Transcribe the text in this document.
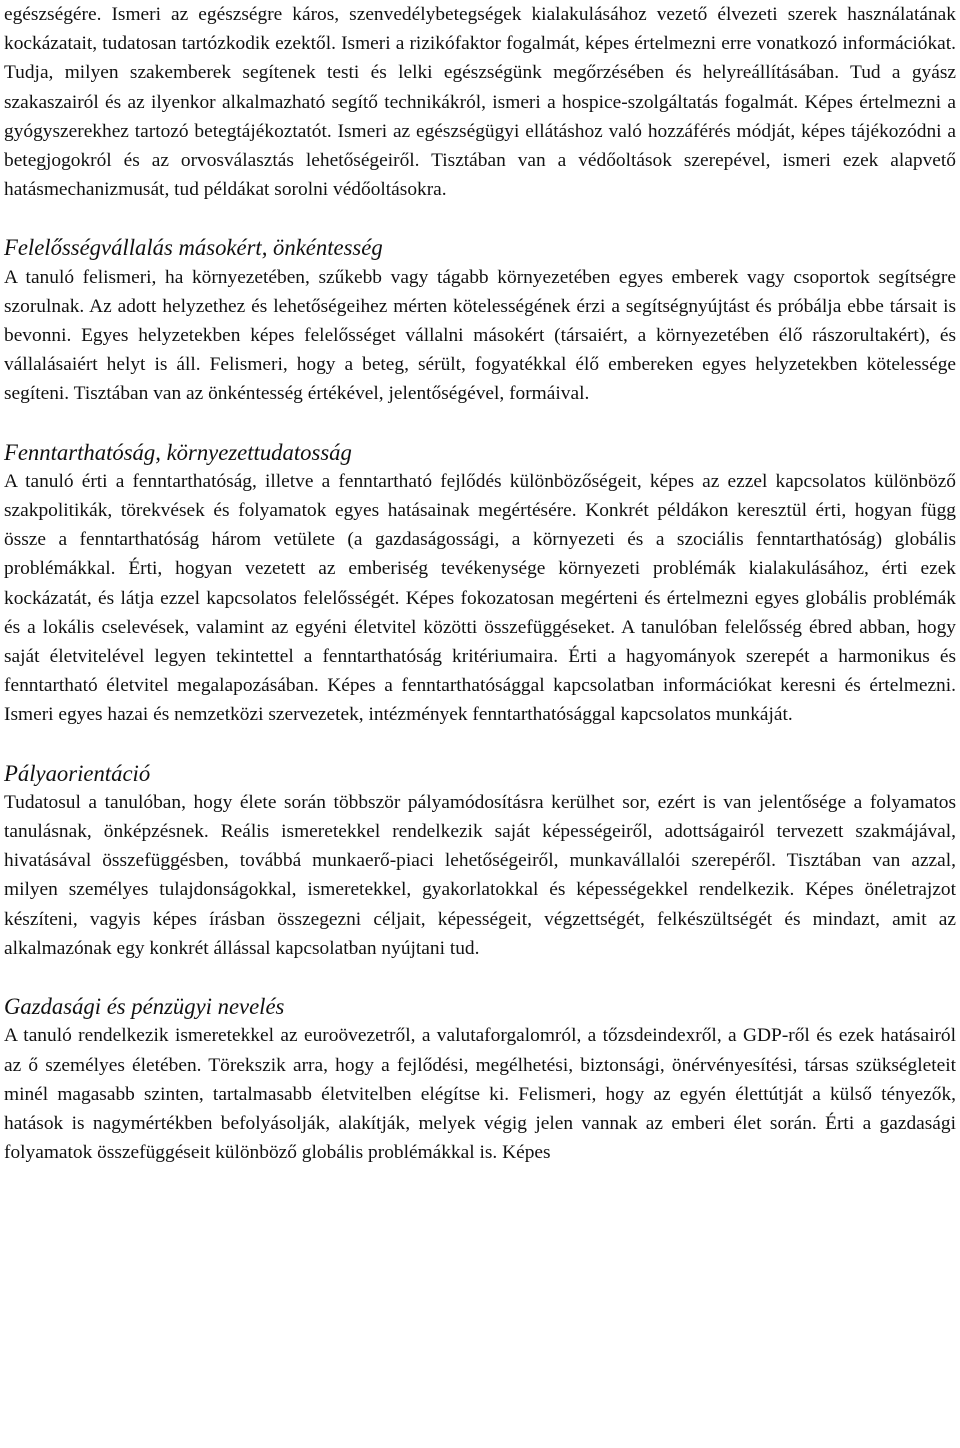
egészségére. Ismeri az egészségre káros, szenvedélybetegségek kialakulásához vezető élvezeti szerek használatának kockázatait, tudatosan tartózkodik ezektől. Ismeri a rizikófaktor fogalmát, képes értelmezni erre vonatkozó információkat. Tudja, milyen szakemberek segítenek testi és lelki egészségünk megőrzésében és helyreállításában. Tud a gyász szakaszairól és az ilyenkor alkalmazható segítő technikákról, ismeri a hospice-szolgáltatás fogalmát. Képes értelmezni a gyógyszerekhez tartozó betegtájékoztatót. Ismeri az egészségügyi ellátáshoz való hozzáférés módját, képes tájékozódni a betegjogokról és az orvosválasztás lehetőségeiről. Tisztában van a védőoltások szerepével, ismeri ezek alapvető hatásmechanizmusát, tud példákat sorolni védőoltásokra.

Felelősségvállalás másokért, önkéntesség

A tanuló felismeri, ha környezetében, szűkebb vagy tágabb környezetében egyes emberek vagy csoportok segítségre szorulnak. Az adott helyzethez és lehetőségeihez mérten kötelességének érzi a segítségnyújtást és próbálja ebbe társait is bevonni. Egyes helyzetekben képes felelősséget vállalni másokért (társaiért, a környezetében élő rászorultakért), és vállalásaiért helyt is áll. Felismeri, hogy a beteg, sérült, fogyatékkal élő embereken egyes helyzetekben kötelessége segíteni. Tisztában van az önkéntesség értékével, jelentőségével, formáival.

Fenntarthatóság, környezettudatosság

A tanuló érti a fenntarthatóság, illetve a fenntartható fejlődés különbözőségeit, képes az ezzel kapcsolatos különböző szakpolitikák, törekvések és folyamatok egyes hatásainak megértésére. Konkrét példákon keresztül érti, hogyan függ össze a fenntarthatóság három vetülete (a gazdaságossági, a környezeti és a szociális fenntarthatóság) globális problémákkal. Érti, hogyan vezetett az emberiség tevékenysége környezeti problémák kialakulásához, érti ezek kockázatát, és látja ezzel kapcsolatos felelősségét. Képes fokozatosan megérteni és értelmezni egyes globális problémák és a lokális cselevések, valamint az egyéni életvitel közötti összefüggéseket. A tanulóban felelősség ébred abban, hogy saját életvitelével legyen tekintettel a fenntarthatóság kritériumaira. Érti a hagyományok szerepét a harmonikus és fenntartható életvitel megalapozásában. Képes a fenntarthatósággal kapcsolatban információkat keresni és értelmezni. Ismeri egyes hazai és nemzetközi szervezetek, intézmények fenntarthatósággal kapcsolatos munkáját.

Pályaorientáció

Tudatosul a tanulóban, hogy élete során többször pályamódosításra kerülhet sor, ezért is van jelentősége a folyamatos tanulásnak, önképzésnek. Reális ismeretekkel rendelkezik saját képességeiről, adottságairól tervezett szakmájával, hivatásával összefüggésben, továbbá munkaerő-piaci lehetőségeiről, munkavállalói szerepéről. Tisztában van azzal, milyen személyes tulajdonságokkal, ismeretekkel, gyakorlatokkal és képességekkel rendelkezik. Képes önéletrajzot készíteni, vagyis képes írásban összegezni céljait, képességeit, végzettségét, felkészültségét és mindazt, amit az alkalmazónak egy konkrét állással kapcsolatban nyújtani tud.

Gazdasági és pénzügyi nevelés

A tanuló rendelkezik ismeretekkel az euroövezetről, a valutaforgalomról, a tőzsdeindexről, a GDP-ről és ezek hatásairól az ő személyes életében. Törekszik arra, hogy a fejlődési, megélhetési, biztonsági, önérvényesítési, társas szükségleteit minél magasabb szinten, tartalmasabb életvitelben elégítse ki. Felismeri, hogy az egyén élettútját a külső tényezők, hatások is nagymértékben befolyásolják, alakítják, melyek végig jelen vannak az emberi élet során. Érti a gazdasági folyamatok összefüggéseit különböző globális problémákkal is. Képes
